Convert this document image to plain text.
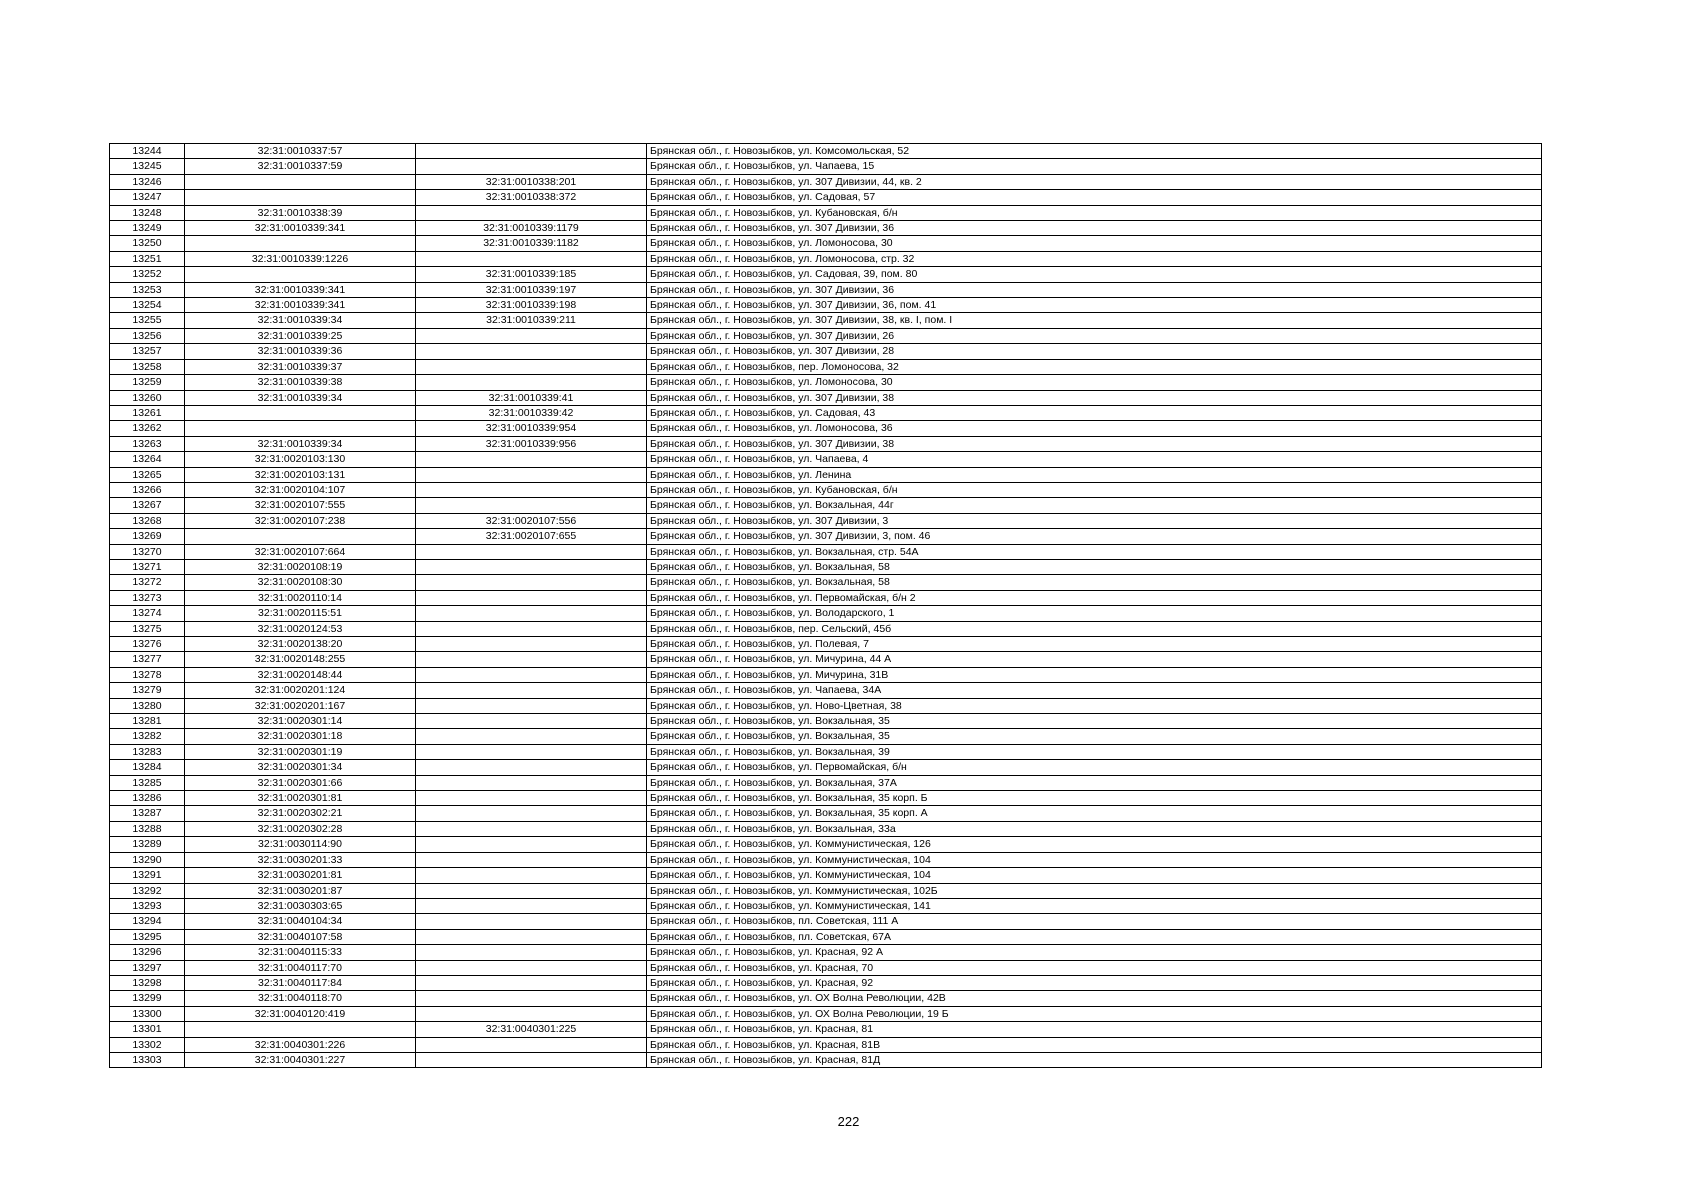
13244	32:31:0010337:57		Брянская обл., г. Новозыбков, ул. Комсомольская, 52
13245	32:31:0010337:59		Брянская обл., г. Новозыбков, ул. Чапаева, 15
13246		32:31:0010338:201	Брянская обл., г. Новозыбков, ул. 307 Дивизии, 44, кв. 2
13247		32:31:0010338:372	Брянская обл., г. Новозыбков, ул. Садовая, 57
13248	32:31:0010338:39		Брянская обл., г. Новозыбков, ул. Кубановская, б/н
13249	32:31:0010339:341	32:31:0010339:1179	Брянская обл., г. Новозыбков, ул. 307 Дивизии, 36
13250		32:31:0010339:1182	Брянская обл., г. Новозыбков, ул. Ломоносова, 30
13251	32:31:0010339:1226		Брянская обл., г. Новозыбков, ул. Ломоносова, стр. 32
13252		32:31:0010339:185	Брянская обл., г. Новозыбков, ул. Садовая, 39, пом. 80
13253	32:31:0010339:341	32:31:0010339:197	Брянская обл., г. Новозыбков, ул. 307 Дивизии, 36
13254	32:31:0010339:341	32:31:0010339:198	Брянская обл., г. Новозыбков, ул. 307 Дивизии, 36, пом. 41
13255	32:31:0010339:34	32:31:0010339:211	Брянская обл., г. Новозыбков, ул. 307 Дивизии, 38, кв. I, пом. I
13256	32:31:0010339:25		Брянская обл., г. Новозыбков, ул. 307 Дивизии, 26
13257	32:31:0010339:36		Брянская обл., г. Новозыбков, ул. 307 Дивизии, 28
13258	32:31:0010339:37		Брянская обл., г. Новозыбков, пер. Ломоносова, 32
13259	32:31:0010339:38		Брянская обл., г. Новозыбков, ул. Ломоносова, 30
13260	32:31:0010339:34	32:31:0010339:41	Брянская обл., г. Новозыбков, ул. 307 Дивизии, 38
13261		32:31:0010339:42	Брянская обл., г. Новозыбков, ул. Садовая, 43
13262		32:31:0010339:954	Брянская обл., г. Новозыбков, ул. Ломоносова, 36
13263	32:31:0010339:34	32:31:0010339:956	Брянская обл., г. Новозыбков, ул. 307 Дивизии, 38
13264	32:31:0020103:130		Брянская обл., г. Новозыбков, ул. Чапаева, 4
13265	32:31:0020103:131		Брянская обл., г. Новозыбков, ул. Ленина
13266	32:31:0020104:107		Брянская обл., г. Новозыбков, ул. Кубановская, б/н
13267	32:31:0020107:555		Брянская обл., г. Новозыбков, ул. Вокзальная, 44г
13268	32:31:0020107:238	32:31:0020107:556	Брянская обл., г. Новозыбков, ул. 307 Дивизии, 3
13269		32:31:0020107:655	Брянская обл., г. Новозыбков, ул. 307 Дивизии, 3, пом. 46
13270	32:31:0020107:664		Брянская обл., г. Новозыбков, ул. Вокзальная, стр. 54А
13271	32:31:0020108:19		Брянская обл., г. Новозыбков, ул. Вокзальная, 58
13272	32:31:0020108:30		Брянская обл., г. Новозыбков, ул. Вокзальная, 58
13273	32:31:0020110:14		Брянская обл., г. Новозыбков, ул. Первомайская, б/н 2
13274	32:31:0020115:51		Брянская обл., г. Новозыбков, ул. Володарского, 1
13275	32:31:0020124:53		Брянская обл., г. Новозыбков, пер. Сельский, 45б
13276	32:31:0020138:20		Брянская обл., г. Новозыбков, ул. Полевая, 7
13277	32:31:0020148:255		Брянская обл., г. Новозыбков, ул. Мичурина, 44 А
13278	32:31:0020148:44		Брянская обл., г. Новозыбков, ул. Мичурина, 31В
13279	32:31:0020201:124		Брянская обл., г. Новозыбков, ул. Чапаева, 34А
13280	32:31:0020201:167		Брянская обл., г. Новозыбков, ул. Ново-Цветная, 38
13281	32:31:0020301:14		Брянская обл., г. Новозыбков, ул. Вокзальная, 35
13282	32:31:0020301:18		Брянская обл., г. Новозыбков, ул. Вокзальная, 35
13283	32:31:0020301:19		Брянская обл., г. Новозыбков, ул. Вокзальная, 39
13284	32:31:0020301:34		Брянская обл., г. Новозыбков, ул. Первомайская, б/н
13285	32:31:0020301:66		Брянская обл., г. Новозыбков, ул. Вокзальная, 37А
13286	32:31:0020301:81		Брянская обл., г. Новозыбков, ул. Вокзальная, 35 корп. Б
13287	32:31:0020302:21		Брянская обл., г. Новозыбков, ул. Вокзальная, 35 корп. А
13288	32:31:0020302:28		Брянская обл., г. Новозыбков, ул. Вокзальная, 33а
13289	32:31:0030114:90		Брянская обл., г. Новозыбков, ул. Коммунистическая, 126
13290	32:31:0030201:33		Брянская обл., г. Новозыбков, ул. Коммунистическая, 104
13291	32:31:0030201:81		Брянская обл., г. Новозыбков, ул. Коммунистическая, 104
13292	32:31:0030201:87		Брянская обл., г. Новозыбков, ул. Коммунистическая, 102Б
13293	32:31:0030303:65		Брянская обл., г. Новозыбков, ул. Коммунистическая, 141
13294	32:31:0040104:34		Брянская обл., г. Новозыбков, пл. Советская, 111 А
13295	32:31:0040107:58		Брянская обл., г. Новозыбков, пл. Советская, 67А
13296	32:31:0040115:33		Брянская обл., г. Новозыбков, ул. Красная, 92 А
13297	32:31:0040117:70		Брянская обл., г. Новозыбков, ул. Красная, 70
13298	32:31:0040117:84		Брянская обл., г. Новозыбков, ул. Красная, 92
13299	32:31:0040118:70		Брянская обл., г. Новозыбков, ул. ОХ Волна Революции, 42В
13300	32:31:0040120:419		Брянская обл., г. Новозыбков, ул. ОХ Волна Революции, 19 Б
13301		32:31:0040301:225	Брянская обл., г. Новозыбков, ул. Красная, 81
13302	32:31:0040301:226		Брянская обл., г. Новозыбков, ул. Красная, 81В
13303	32:31:0040301:227		Брянская обл., г. Новозыбков, ул. Красная, 81Д
222
